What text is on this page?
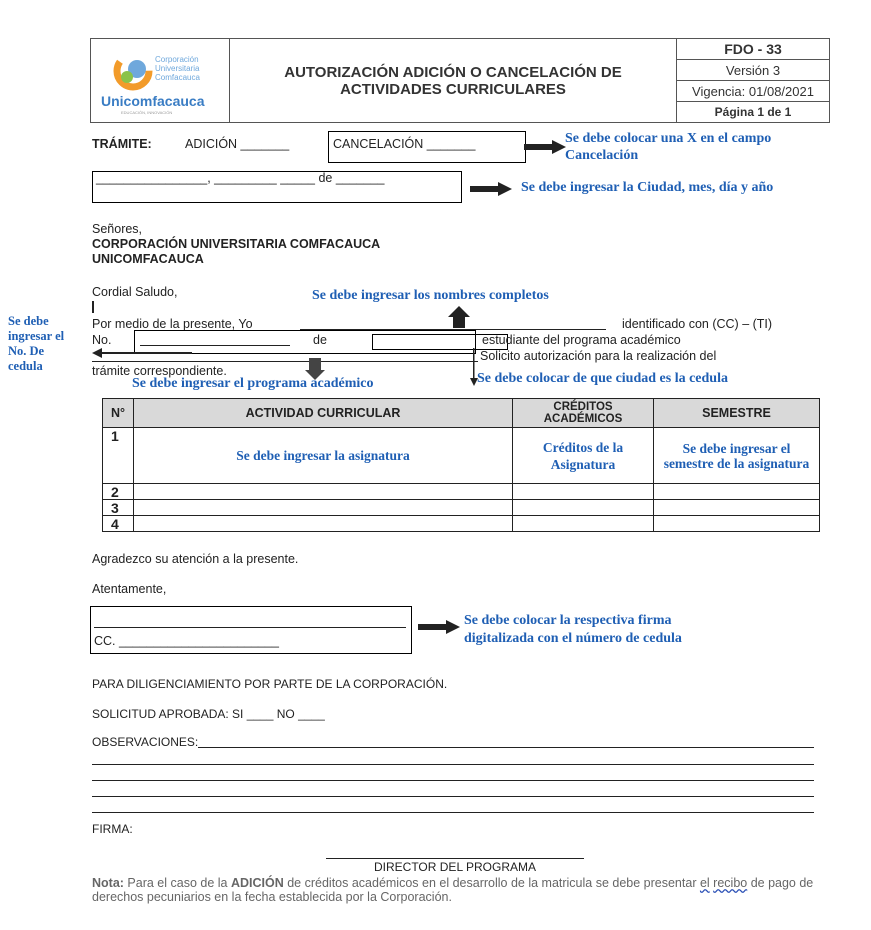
Corporación
Universitaria
Comfacauca
Unicomfacauca
EDUCACIÓN, INNOVACIÓN

AUTORIZACIÓN ADICIÓN O CANCELACIÓN DE
ACTIVIDADES CURRICULARES
	FDO - 33
Versión 3
Vigencia: 01/08/2021
Página 1 de 1
TRÁMITE:	ADICIÓN _______	CANCELACIÓN _______	Se debe colocar una X en el campo
Cancelación
________________, _________ _____ de _______
Se debe ingresar la Ciudad, mes, día y año
Señores,
CORPORACIÓN UNIVERSITARIA COMFACAUCA
UNICOMFACAUCA
Cordial Saludo,	Se debe ingresar los nombres completos
Por medio de la presente, Yo	identificado con (CC) – (TI)
No.	de	estudiante del programa académico
Solicito autorización para la realización del
trámite correspondiente.
Se debe ingresar el No. De cedula
Se debe ingresar el programa académico	Se debe colocar de que ciudad es la cedula
N°	ACTIVIDAD CURRICULAR	CRÉDITOS ACADÉMICOS	SEMESTRE
1	Se debe ingresar la asignatura	Créditos de la Asignatura	Se debe ingresar el semestre de la asignatura
2			
3			
4			
Agradezco su atención a la presente.
Atentamente,
CC. _______________________
Se debe colocar la respectiva firma
digitalizada con el número de cedula
PARA DILIGENCIAMIENTO POR PARTE DE LA CORPORACIÓN.
SOLICITUD APROBADA: SI ____ NO ____
OBSERVACIONES:
FIRMA:
DIRECTOR DEL PROGRAMA
Nota: Para el caso de la ADICIÓN de créditos académicos en el desarrollo de la matricula se debe presentar el recibo de pago de derechos pecuniarios en la fecha establecida por la Corporación.
